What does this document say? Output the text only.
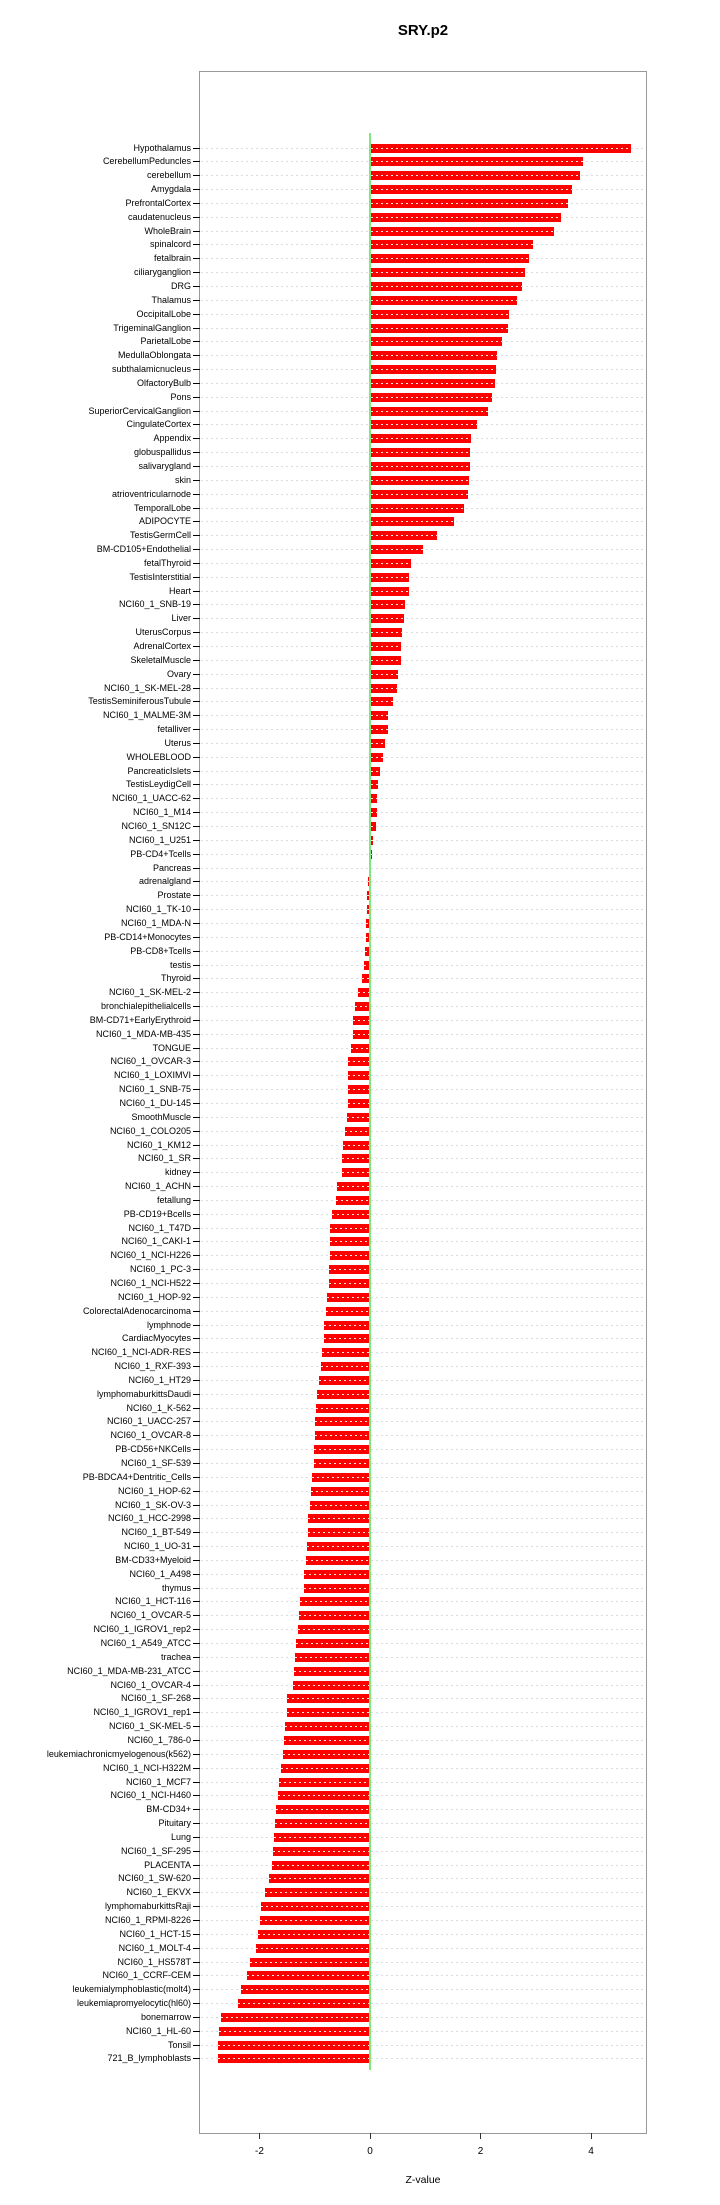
SRY.p2
Hypothalamus
CerebellumPeduncles
cerebellum
Amygdala
PrefrontalCortex
caudatenucleus
WholeBrain
spinalcord
fetalbrain
ciliaryganglion
DRG
Thalamus
OccipitalLobe
TrigeminalGanglion
ParietalLobe
MedullaOblongata
subthalamicnucleus
OlfactoryBulb
Pons
SuperiorCervicalGanglion
CingulateCortex
Appendix
globuspallidus
salivarygland
skin
atrioventricularnode
TemporalLobe
ADIPOCYTE
TestisGermCell
BM-CD105+Endothelial
fetalThyroid
TestisInterstitial
Heart
NCI60_1_SNB-19
Liver
UterusCorpus
AdrenalCortex
SkeletalMuscle
Ovary
NCI60_1_SK-MEL-28
TestisSeminiferousTubule
NCI60_1_MALME-3M
fetalliver
Uterus
WHOLEBLOOD
PancreaticIslets
TestisLeydigCell
NCI60_1_UACC-62
NCI60_1_M14
NCI60_1_SN12C
NCI60_1_U251
PB-CD4+Tcells
Pancreas
adrenalgland
Prostate
NCI60_1_TK-10
NCI60_1_MDA-N
PB-CD14+Monocytes
PB-CD8+Tcells
testis
Thyroid
NCI60_1_SK-MEL-2
bronchialepithelialcells
BM-CD71+EarlyErythroid
NCI60_1_MDA-MB-435
TONGUE
NCI60_1_OVCAR-3
NCI60_1_LOXIMVI
NCI60_1_SNB-75
NCI60_1_DU-145
SmoothMuscle
NCI60_1_COLO205
NCI60_1_KM12
NCI60_1_SR
kidney
NCI60_1_ACHN
fetallung
PB-CD19+Bcells
NCI60_1_T47D
NCI60_1_CAKI-1
NCI60_1_NCI-H226
NCI60_1_PC-3
NCI60_1_NCI-H522
NCI60_1_HOP-92
ColorectalAdenocarcinoma
lymphnode
CardiacMyocytes
NCI60_1_NCI-ADR-RES
NCI60_1_RXF-393
NCI60_1_HT29
lymphomaburkittsDaudi
NCI60_1_K-562
NCI60_1_UACC-257
NCI60_1_OVCAR-8
PB-CD56+NKCells
NCI60_1_SF-539
PB-BDCA4+Dentritic_Cells
NCI60_1_HOP-62
NCI60_1_SK-OV-3
NCI60_1_HCC-2998
NCI60_1_BT-549
NCI60_1_UO-31
BM-CD33+Myeloid
NCI60_1_A498
thymus
NCI60_1_HCT-116
NCI60_1_OVCAR-5
NCI60_1_IGROV1_rep2
NCI60_1_A549_ATCC
trachea
NCI60_1_MDA-MB-231_ATCC
NCI60_1_OVCAR-4
NCI60_1_SF-268
NCI60_1_IGROV1_rep1
NCI60_1_SK-MEL-5
NCI60_1_786-0
leukemiachronicmyelogenous(k562)
NCI60_1_NCI-H322M
NCI60_1_MCF7
NCI60_1_NCI-H460
BM-CD34+
Pituitary
Lung
NCI60_1_SF-295
PLACENTA
NCI60_1_SW-620
NCI60_1_EKVX
lymphomaburkittsRaji
NCI60_1_RPMI-8226
NCI60_1_HCT-15
NCI60_1_MOLT-4
NCI60_1_HS578T
NCI60_1_CCRF-CEM
leukemialymphoblastic(molt4)
leukemiapromyelocytic(hl60)
bonemarrow
NCI60_1_HL-60
Tonsil
721_B_lymphoblasts
-2	0	2	4
Z-value
